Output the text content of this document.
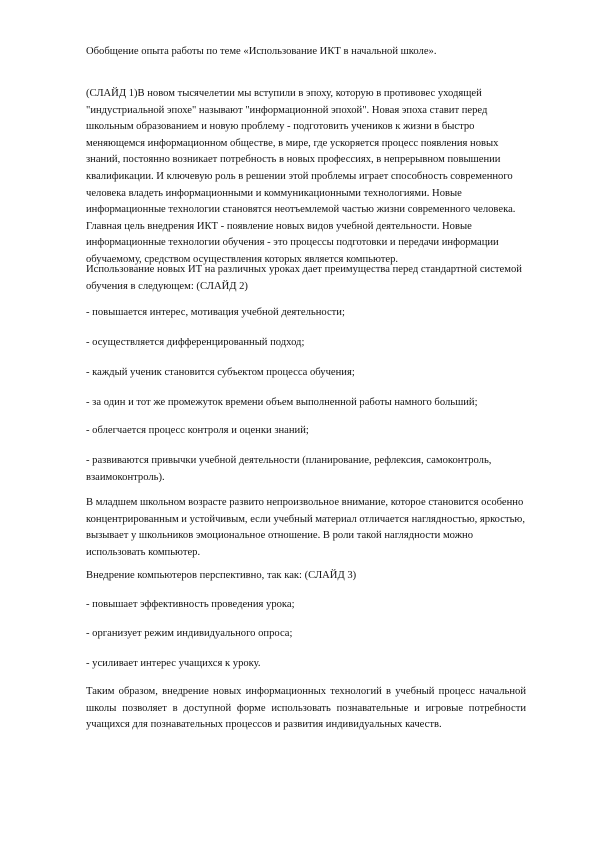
Обобщение опыта работы по теме «Использование ИКТ в начальной школе».

(СЛАЙД 1)В новом тысячелетии мы вступили в эпоху, которую в противовес уходящей "индустриальной эпохе" называют "информационной эпохой". Новая эпоха ставит перед школьным образованием и новую проблему - подготовить учеников к жизни в быстро меняющемся информационном обществе, в мире, где ускоряется процесс появления новых знаний, постоянно возникает потребность в новых профессиях, в непрерывном повышении квалификации. И ключевую роль в решении этой проблемы играет способность современного человека владеть информационными и коммуникационными технологиями. Новые информационные технологии становятся неотъемлемой частью жизни современного человека. Главная цель внедрения ИКТ - появление новых видов учебной деятельности. Новые информационные технологии обучения - это процессы подготовки и передачи информации обучаемому, средством осуществления которых является компьютер.

Использование новых ИТ на различных уроках дает преимущества перед стандартной системой обучения в следующем: (СЛАЙД 2)

- повышается интерес, мотивация учебной деятельности;

- осуществляется дифференцированный подход;

- каждый ученик становится субъектом процесса обучения;

- за один и тот же промежуток времени объем выполненной работы намного больший;

- облегчается процесс контроля и оценки знаний;

- развиваются привычки учебной деятельности (планирование, рефлексия, самоконтроль, взаимоконтроль).

В младшем школьном возрасте развито непроизвольное внимание, которое становится особенно концентрированным и устойчивым, если учебный материал отличается наглядностью, яркостью, вызывает у школьников эмоциональное отношение. В роли такой наглядности можно использовать компьютер.

Внедрение компьютеров перспективно, так как: (СЛАЙД 3)

- повышает эффективность проведения урока;

- организует режим индивидуального опроса;

- усиливает интерес учащихся к уроку.

Таким образом, внедрение новых информационных технологий в учебный процесс начальной школы позволяет в доступной форме использовать познавательные и игровые потребности учащихся для познавательных процессов и развития индивидуальных качеств.
